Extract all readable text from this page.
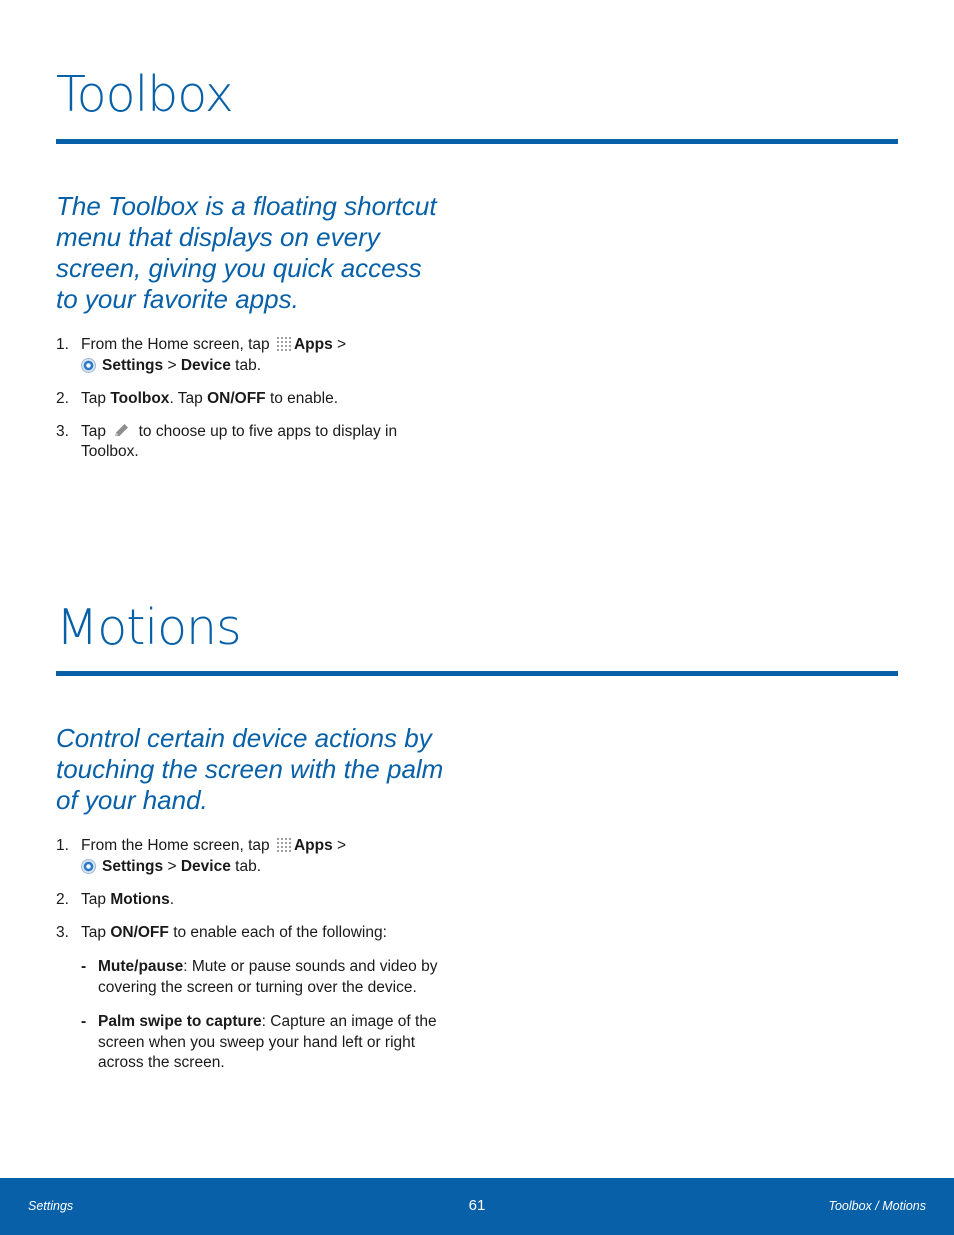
Toolbox
The Toolbox is a floating shortcut menu that displays on every screen, giving you quick access to your favorite apps.
1. From the Home screen, tap Apps >
Settings > Device tab.
2. Tap Toolbox. Tap ON/OFF to enable.
3. Tap to choose up to five apps to display in Toolbox.
Motions
Control certain device actions by touching the screen with the palm of your hand.
1. From the Home screen, tap Apps >
Settings > Device tab.
2. Tap Motions.
3. Tap ON/OFF to enable each of the following:
- Mute/pause: Mute or pause sounds and video by covering the screen or turning over the device.
- Palm swipe to capture: Capture an image of the screen when you sweep your hand left or right across the screen.
Settings	61	Toolbox / Motions
